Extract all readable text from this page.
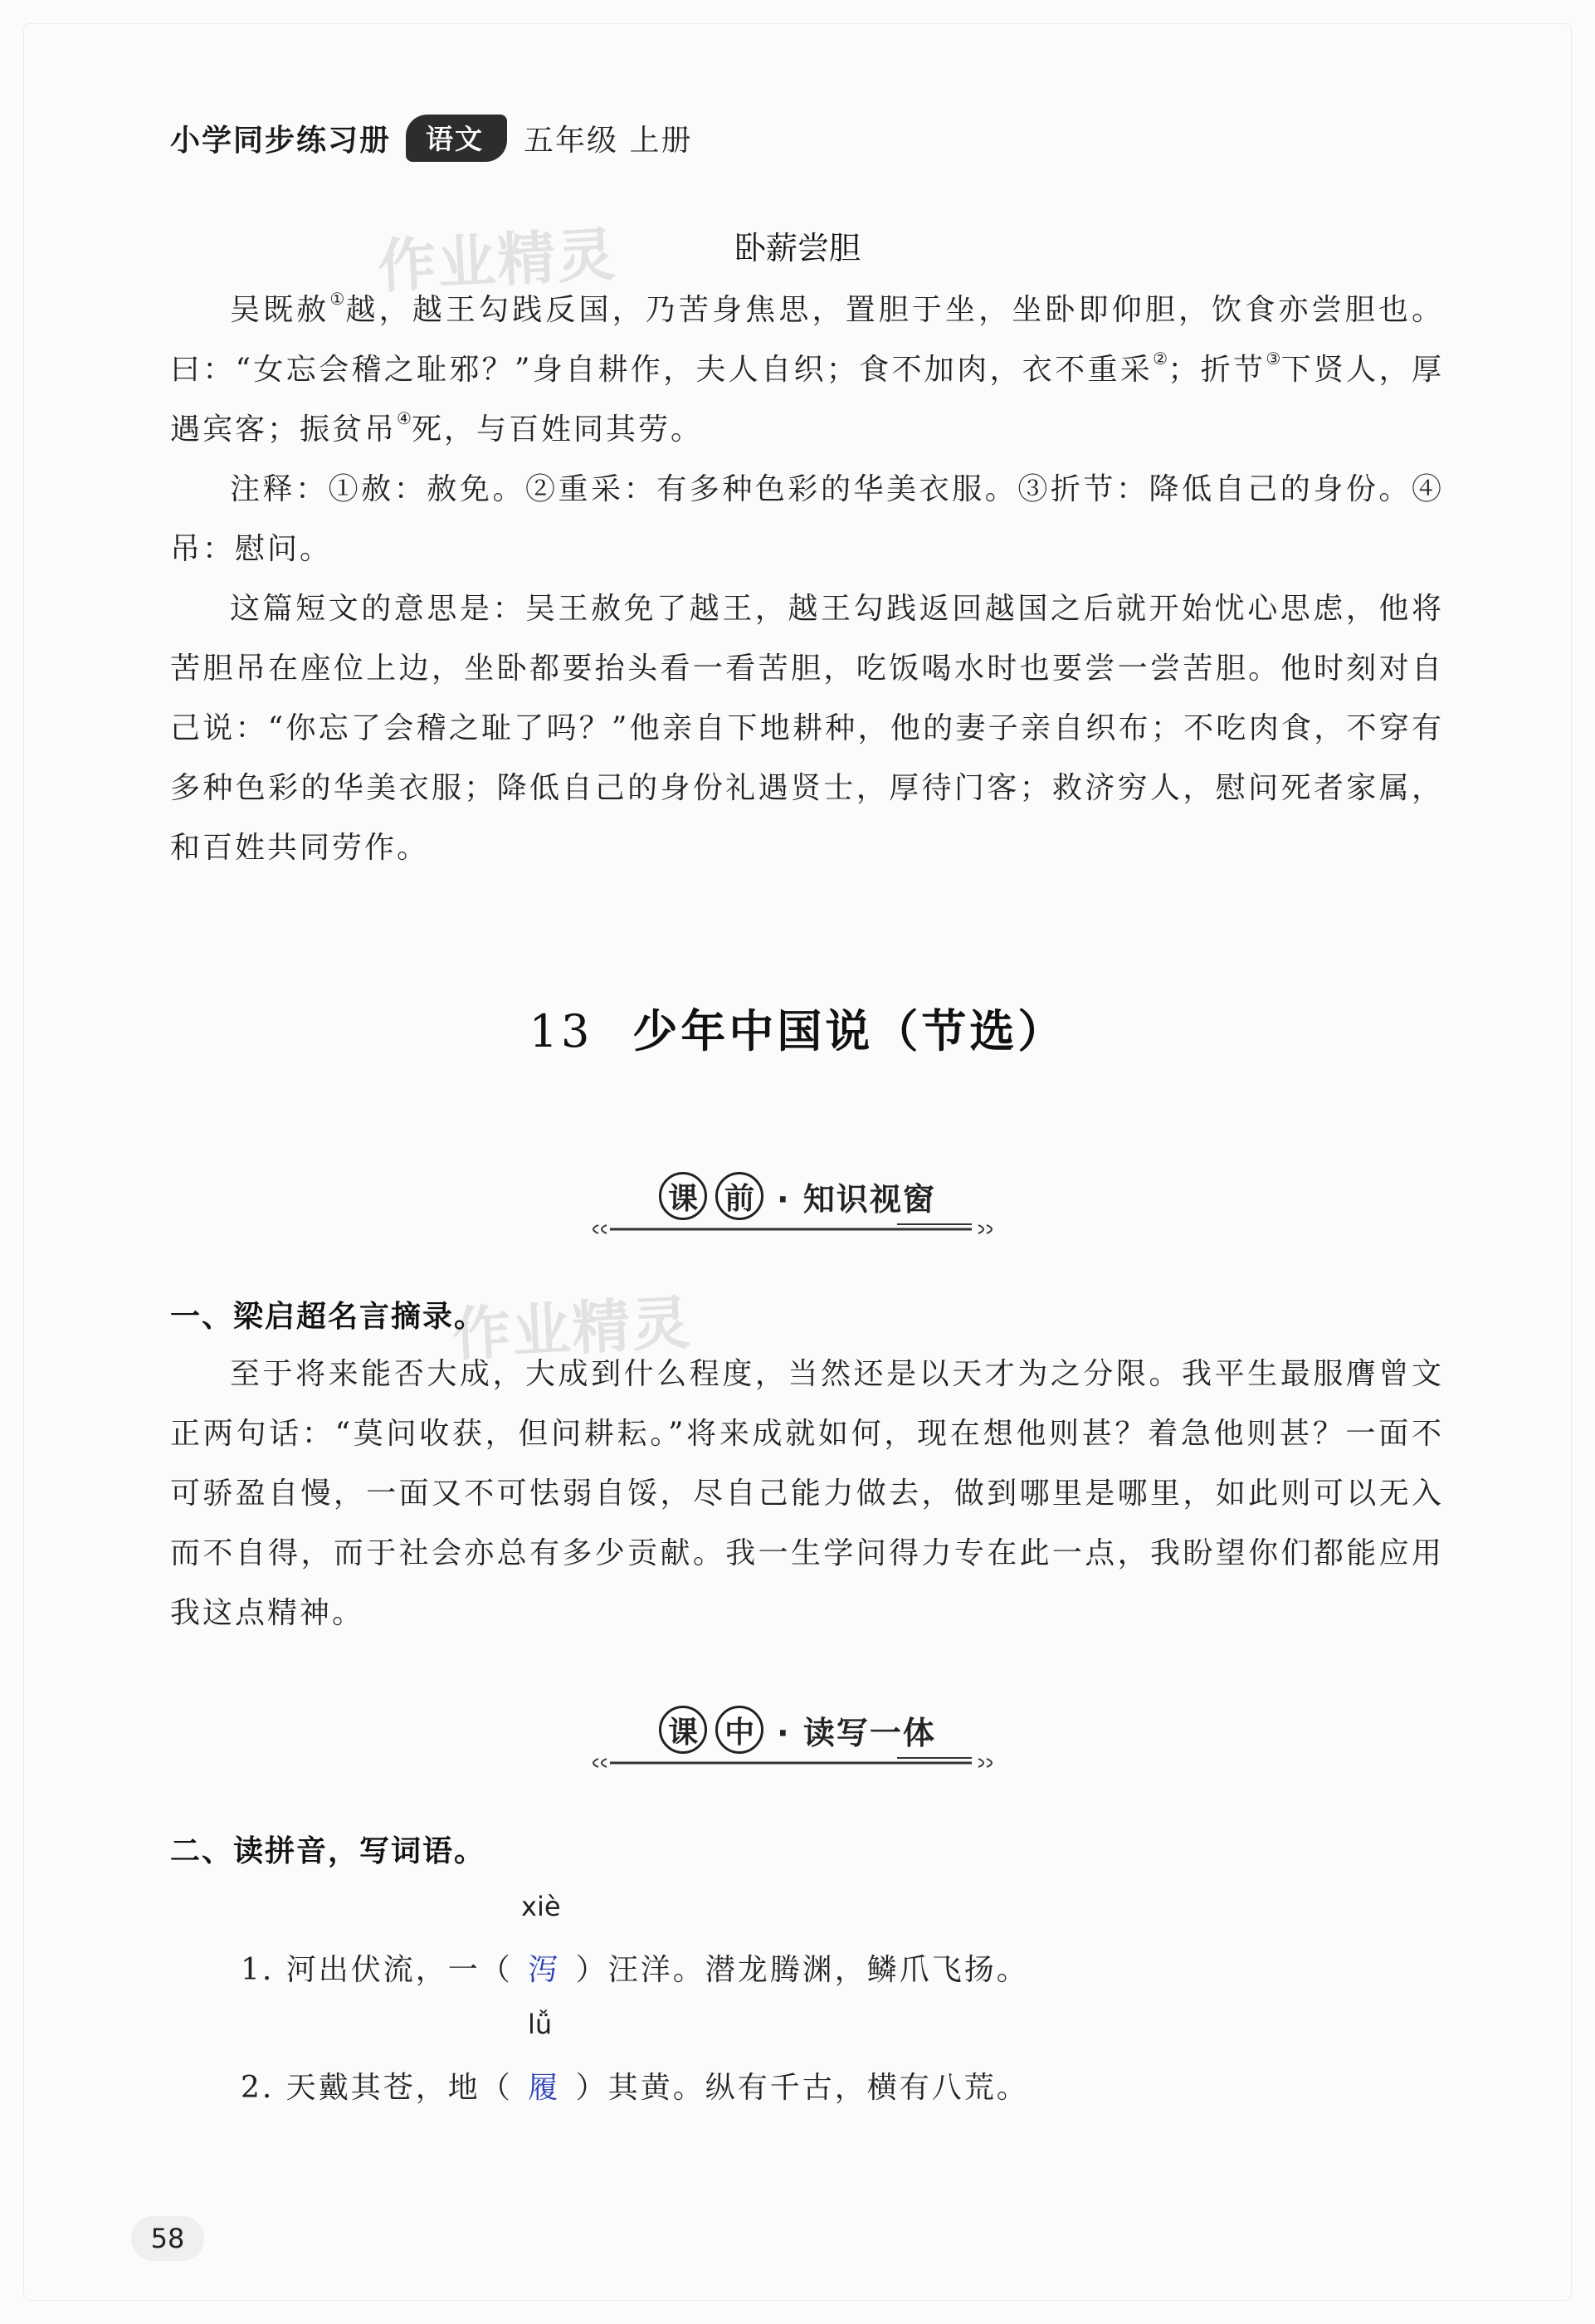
小学同步练习册	语文	五年级 上册
作业精灵
作业精灵
卧薪尝胆

吴既赦①越，越王勾践反国，乃苦身焦思，置胆于坐，坐卧即仰胆，饮食亦尝胆也。曰：“女忘会稽之耻邪？”身自耕作，夫人自织；食不加肉，衣不重采②；折节③下贤人，厚遇宾客；振贫吊④死，与百姓同其劳。

注释：①赦：赦免。②重采：有多种色彩的华美衣服。③折节：降低自己的身份。④吊：慰问。

这篇短文的意思是：吴王赦免了越王，越王勾践返回越国之后就开始忧心思虑，他将苦胆吊在座位上边，坐卧都要抬头看一看苦胆，吃饭喝水时也要尝一尝苦胆。他时刻对自己说：“你忘了会稽之耻了吗？”他亲自下地耕种，他的妻子亲自织布；不吃肉食，不穿有多种色彩的华美衣服；降低自己的身份礼遇贤士，厚待门客；救济穷人，慰问死者家属，和百姓共同劳作。

13 少年中国说（节选）
课 前 · 知识视窗
一、梁启超名言摘录。

至于将来能否大成，大成到什么程度，当然还是以天才为之分限。我平生最服膺曾文正两句话：“莫问收获，但问耕耘。”将来成就如何，现在想他则甚？着急他则甚？一面不可骄盈自慢，一面又不可怯弱自馁，尽自己能力做去，做到哪里是哪里，如此则可以无入而不自得，而于社会亦总有多少贡献。我一生学问得力专在此一点，我盼望你们都能应用我这点精神。

课 中 · 读写一体
二、读拼音，写词语。
xiè
1. 河出伏流，一（ 泻 ）汪洋。潜龙腾渊，鳞爪飞扬。
lǚ
2. 天戴其苍，地（ 履 ）其黄。纵有千古，横有八荒。
58
